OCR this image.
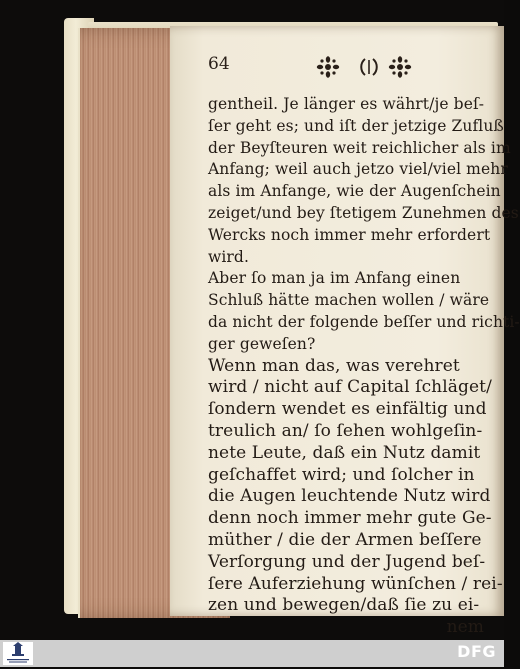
64
gentheil. Je länger es währt/je beſ-
ſer geht es; und iſt der jetzige Zufluß
der Beyſteuren weit reichlicher als im
Anfang; weil auch jetzo viel/viel mehr
als im Anfange, wie der Augenſchein
zeiget/und bey ſtetigem Zunehmen des
Wercks noch immer mehr erfordert
wird.
Aber ſo man ja im Anfang einen
Schluß hätte machen wollen / wäre
da nicht der folgende beſſer und richti-
ger geweſen?
Wenn man das, was verehret
wird / nicht auf Capital ſchläget/
ſondern wendet es einfältig und
treulich an/ ſo ſehen wohlgeſin-
nete Leute, daß ein Nutz damit
geſchaffet wird; und ſolcher in
die Augen leuchtende Nutz wird
denn noch immer mehr gute Ge-
müther / die der Armen beſſere
Verſorgung und der Jugend beſ-
ſere Auferziehung wünſchen / rei-
zen und bewegen/daß ſie zu ei-
nem
DFG
